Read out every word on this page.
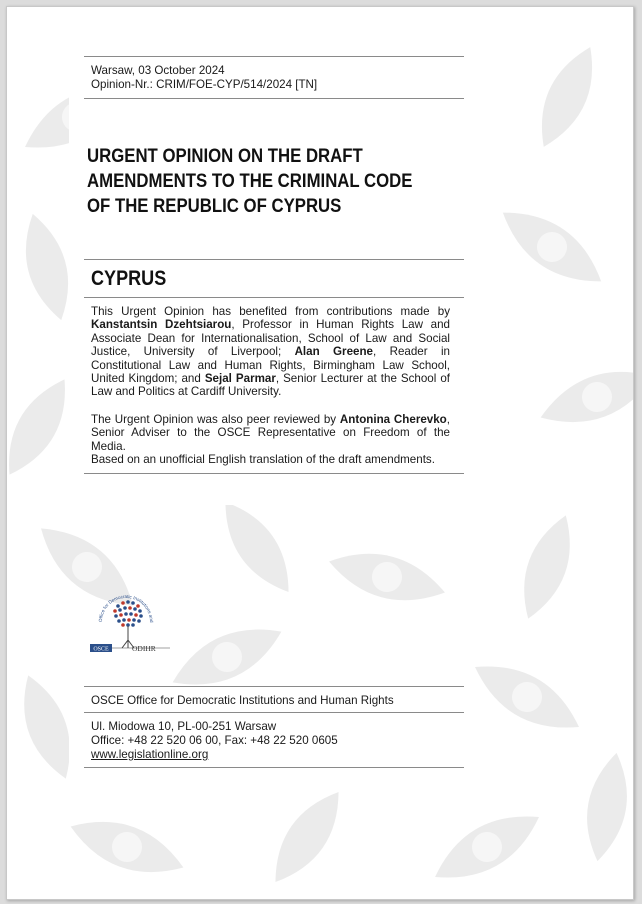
Warsaw, 03 October 2024
Opinion-Nr.: CRIM/FOE-CYP/514/2024 [TN]
URGENT OPINION ON THE DRAFT
AMENDMENTS TO THE CRIMINAL CODE
OF THE REPUBLIC OF CYPRUS
CYPRUS
This Urgent Opinion has benefited from contributions made by Kanstantsin Dzehtsiarou, Professor in Human Rights Law and Associate Dean for Internationalisation, School of Law and Social Justice, University of Liverpool; Alan Greene, Reader in Constitutional Law and Human Rights, Birmingham Law School, United Kingdom; and Sejal Parmar, Senior Lecturer at the School of Law and Politics at Cardiff University.
The Urgent Opinion was also peer reviewed by Antonina Cherevko, Senior Adviser to the OSCE Representative on Freedom of the Media.
Based on an unofficial English translation of the draft amendments.
Office for Democratic Institutions and
OSCE	ODIHR
OSCE Office for Democratic Institutions and Human Rights
Ul. Miodowa 10, PL-00-251 Warsaw
Office: +48 22 520 06 00, Fax: +48 22 520 0605
www.legislationline.org
